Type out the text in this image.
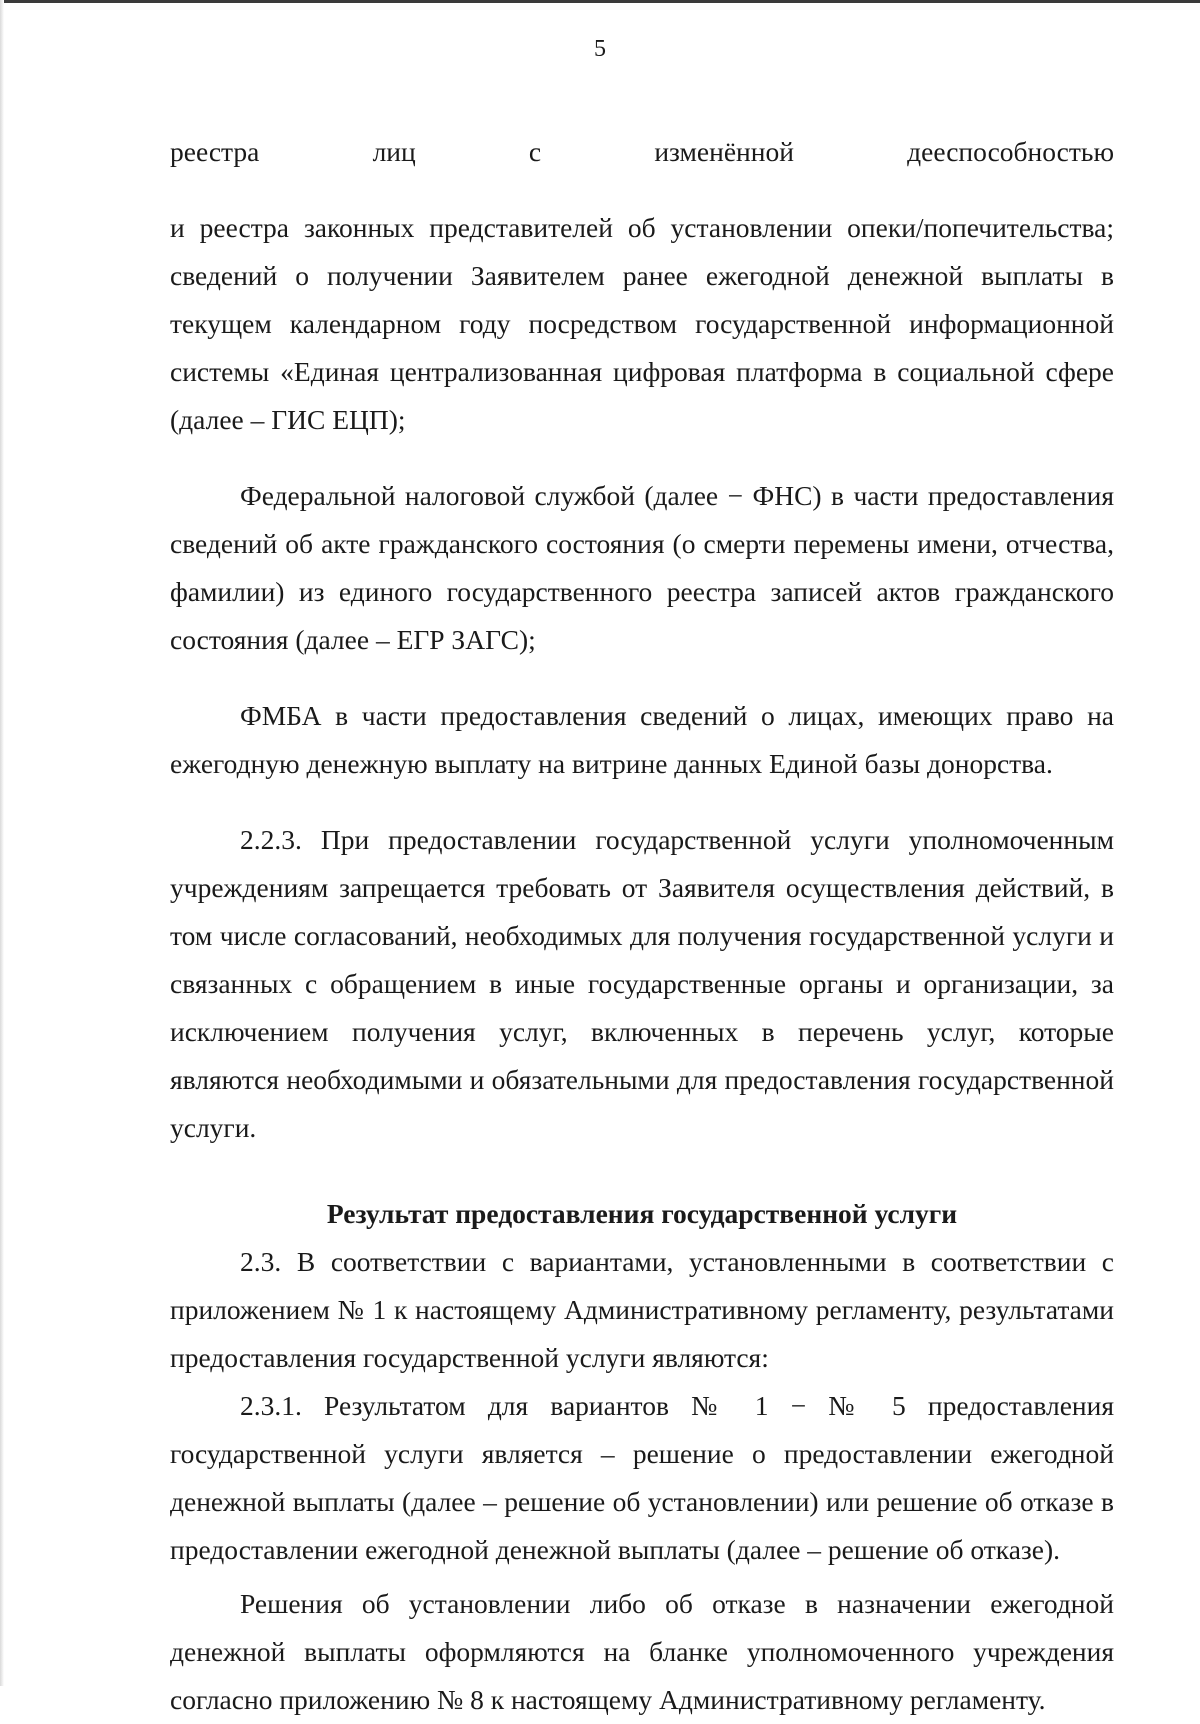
5
реестра	лиц	с	изменённой	дееспособностью

и реестра законных представителей об установлении опеки/попечительства; сведений о получении Заявителем ранее ежегодной денежной выплаты в текущем календарном году посредством государственной информационной системы «Единая централизованная цифровая платформа в социальной сфере (далее – ГИС ЕЦП);

Федеральной налоговой службой (далее − ФНС) в части предоставления сведений об акте гражданского состояния (о смерти перемены имени, отчества, фамилии) из единого государственного реестра записей актов гражданского состояния (далее – ЕГР ЗАГС);

ФМБА в части предоставления сведений о лицах, имеющих право на ежегодную денежную выплату на витрине данных Единой базы донорства.

2.2.3. При предоставлении государственной услуги уполномоченным учреждениям запрещается требовать от Заявителя осуществления действий, в том числе согласований, необходимых для получения государственной услуги и связанных с обращением в иные государственные органы и организации, за исключением получения услуг, включенных в перечень услуг, которые являются необходимыми и обязательными для предоставления государственной услуги.

Результат предоставления государственной услуги

2.3. В соответствии с вариантами, установленными в соответствии с приложением № 1 к настоящему Административному регламенту, результатами предоставления государственной услуги являются:

2.3.1. Результатом для вариантов № 1 − № 5 предоставления государственной услуги является – решение о предоставлении ежегодной денежной выплаты (далее – решение об установлении) или решение об отказе в предоставлении ежегодной денежной выплаты (далее – решение об отказе).

Решения об установлении либо об отказе в назначении ежегодной денежной выплаты оформляются на бланке уполномоченного учреждения согласно приложению № 8 к настоящему Административному регламенту.
